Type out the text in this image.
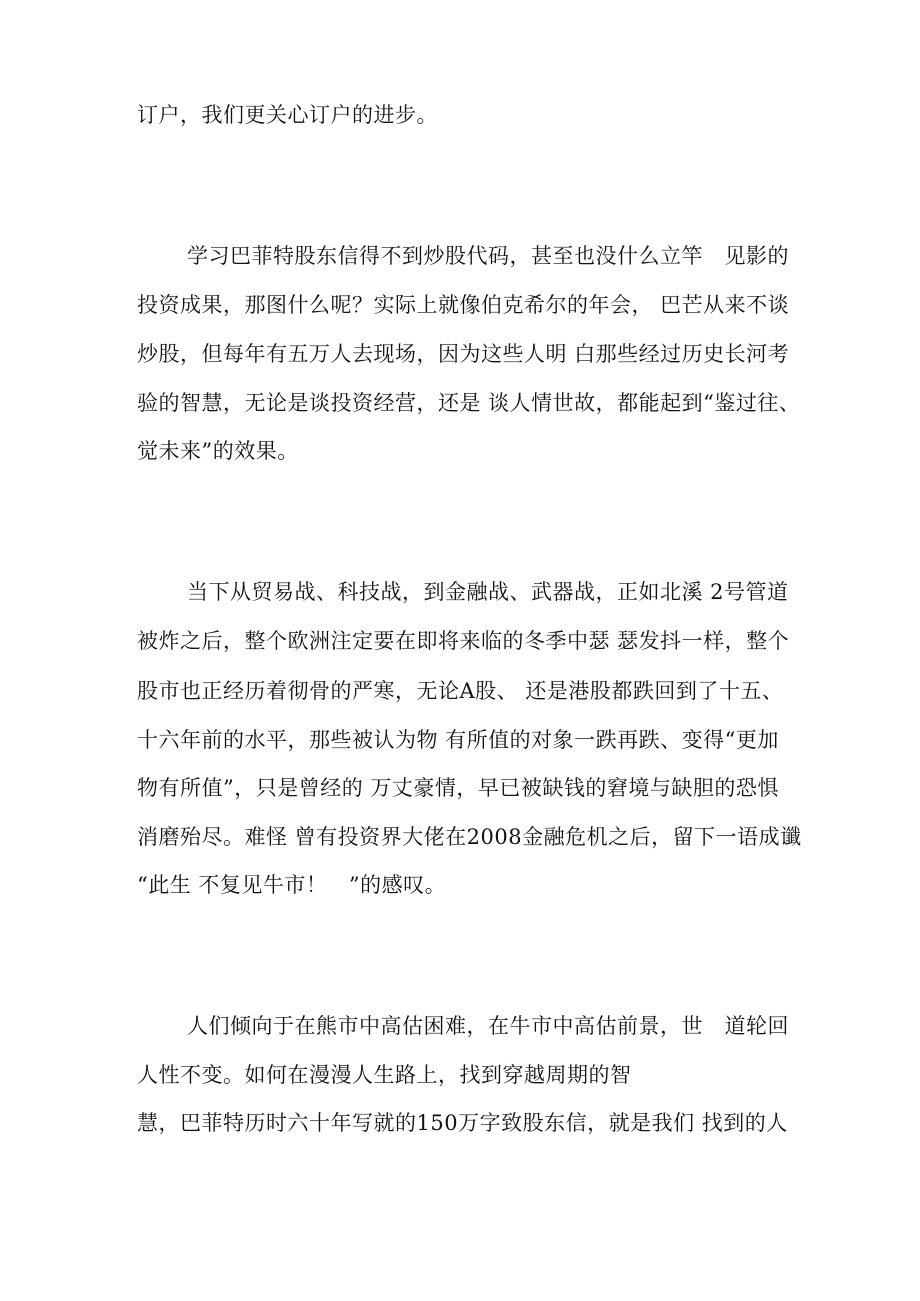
订户，我们更关心订户的进步。

学习巴菲特股东信得不到炒股代码，甚至也没什么立竿　见影的

投资成果，那图什么呢？实际上就像伯克希尔的年会， 巴芒从来不谈

炒股，但每年有五万人去现场，因为这些人明 白那些经过历史长河考

验的智慧，无论是谈投资经营，还是 谈人情世故，都能起到“鉴过往、

觉未来”的效果。

当下从贸易战、科技战，到金融战、武器战，正如北溪 2号管道

被炸之后，整个欧洲注定要在即将来临的冬季中瑟 瑟发抖一样，整个

股市也正经历着彻骨的严寒，无论A股、 还是港股都跌回到了十五、

十六年前的水平，那些被认为物 有所值的对象一跌再跌、变得“更加

物有所值”，只是曾经的 万丈豪情，早已被缺钱的窘境与缺胆的恐惧

消磨殆尽。难怪 曾有投资界大佬在2008金融危机之后，留下一语成谶

“此生 不复见牛市！　”的感叹。

人们倾向于在熊市中高估困难，在牛市中高估前景，世　道轮回

人性不变。如何在漫漫人生路上，找到穿越周期的智

慧，巴菲特历时六十年写就的150万字致股东信，就是我们 找到的人
